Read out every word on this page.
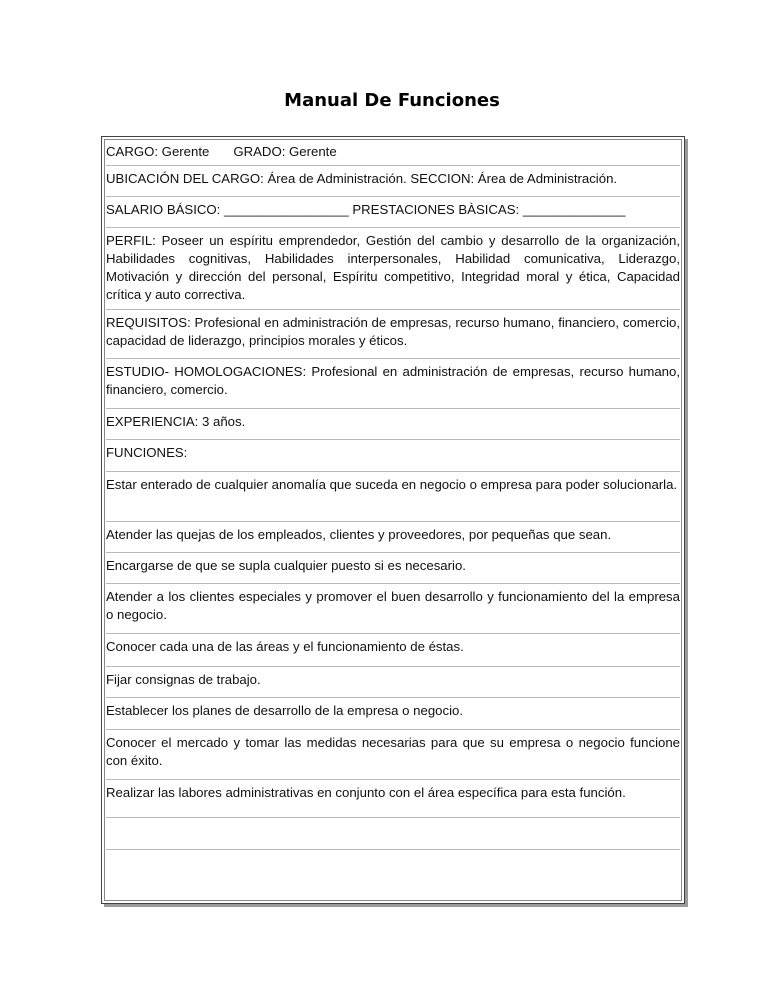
Manual De Funciones
CARGO: Gerente GRADO: Gerente
UBICACIÓN DEL CARGO: Área de Administración. SECCION: Área de Administración.
SALARIO BÁSICO: _________________ PRESTACIONES BÀSICAS: ______________
PERFIL: Poseer un espíritu emprendedor, Gestión del cambio y desarrollo de la organización, Habilidades cognitivas, Habilidades interpersonales, Habilidad comunicativa, Liderazgo, Motivación y dirección del personal, Espíritu competitivo, Integridad moral y ética, Capacidad crítica y auto correctiva.
REQUISITOS: Profesional en administración de empresas, recurso humano, financiero, comercio, capacidad de liderazgo, principios morales y éticos.
ESTUDIO- HOMOLOGACIONES: Profesional en administración de empresas, recurso humano, financiero, comercio.
EXPERIENCIA: 3 años.
FUNCIONES:
Estar enterado de cualquier anomalía que suceda en negocio o empresa para poder solucionarla.
Atender las quejas de los empleados, clientes y proveedores, por pequeñas que sean.
Encargarse de que se supla cualquier puesto si es necesario.
Atender a los clientes especiales y promover el buen desarrollo y funcionamiento del la empresa o negocio.
Conocer cada una de las áreas y el funcionamiento de éstas.
Fijar consignas de trabajo.
Establecer los planes de desarrollo de la empresa o negocio.
Conocer el mercado y tomar las medidas necesarias para que su empresa o negocio funcione con éxito.
Realizar las labores administrativas en conjunto con el área específica para esta función.
